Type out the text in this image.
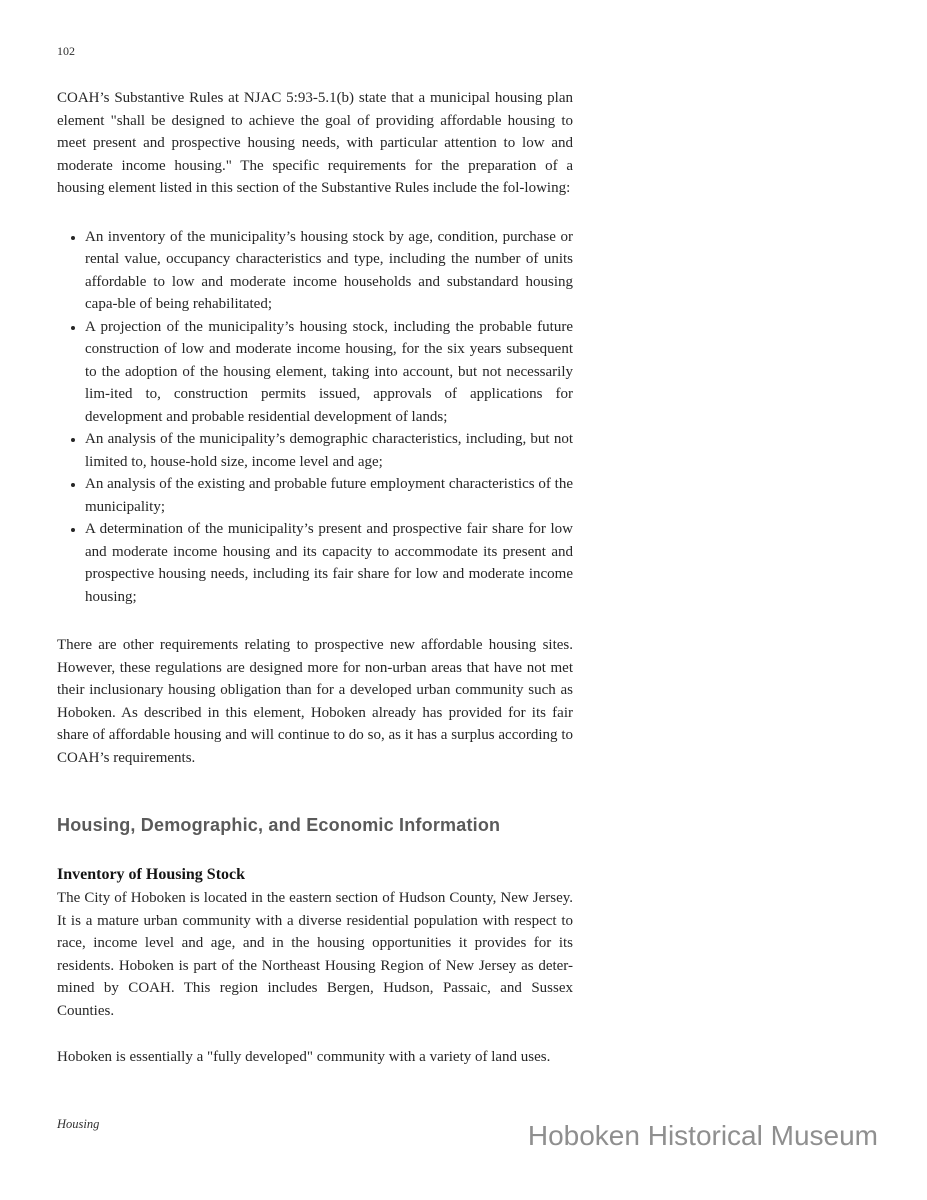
102

COAH’s Substantive Rules at NJAC 5:93-5.1(b) state that a municipal housing plan element "shall be designed to achieve the goal of providing affordable housing to meet present and prospective housing needs, with particular attention to low and moderate income housing." The specific requirements for the preparation of a housing element listed in this section of the Substantive Rules include the fol-lowing:

• An inventory of the municipality’s housing stock by age, condition, purchase or rental value, occupancy characteristics and type, including the number of units affordable to low and moderate income households and substandard housing capa-ble of being rehabilitated;
• A projection of the municipality’s housing stock, including the probable future construction of low and moderate income housing, for the six years subsequent to the adoption of the housing element, taking into account, but not necessarily lim-ited to, construction permits issued, approvals of applications for development and probable residential development of lands;
• An analysis of the municipality’s demographic characteristics, including, but not limited to, house-hold size, income level and age;
• An analysis of the existing and probable future employment characteristics of the municipality;
• A determination of the municipality’s present and prospective fair share for low and moderate income housing and its capacity to accommodate its present and prospective housing needs, including its fair share for low and moderate income housing;

There are other requirements relating to prospective new affordable housing sites. However, these regulations are designed more for non-urban areas that have not met their inclusionary housing obligation than for a developed urban community such as Hoboken. As described in this element, Hoboken already has provided for its fair share of affordable housing and will continue to do so, as it has a surplus according to COAH’s requirements.

Housing, Demographic, and Economic Information
Inventory of Housing Stock

The City of Hoboken is located in the eastern section of Hudson County, New Jersey. It is a mature urban community with a diverse residential population with respect to race, income level and age, and in the housing opportunities it provides for its residents. Hoboken is part of the Northeast Housing Region of New Jersey as deter-mined by COAH. This region includes Bergen, Hudson, Passaic, and Sussex Counties.

Hoboken is essentially a "fully developed" community with a variety of land uses.

Housing	Hoboken Historical Museum
